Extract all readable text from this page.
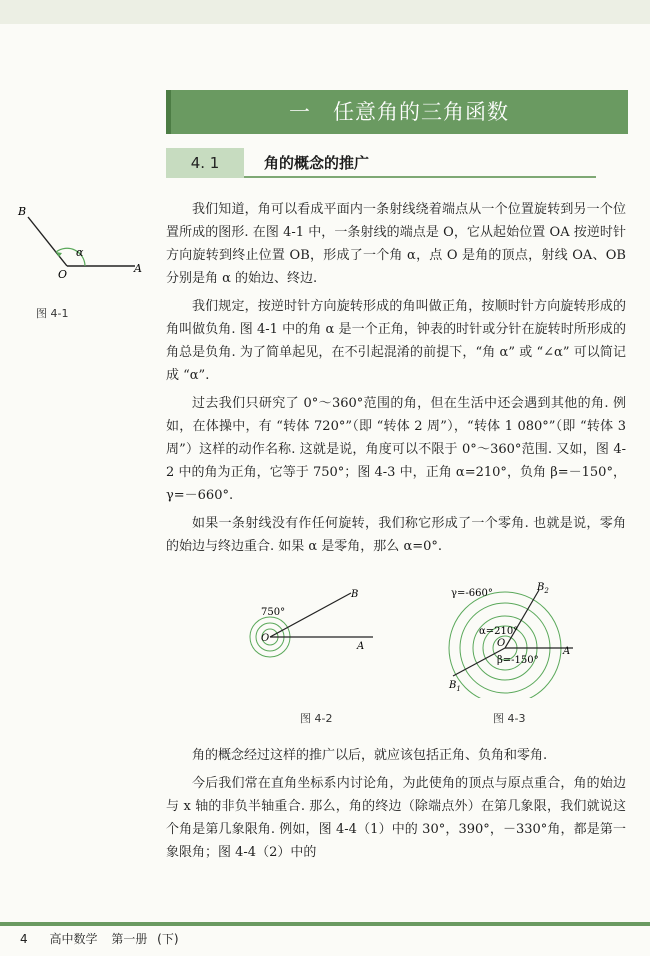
一 任意角的三角函数
4. 1	角的概念的推广
B
O	A
α
图 4-1

我们知道，角可以看成平面内一条射线绕着端点从一个位置旋转到另一个位置所成的图形. 在图 4-1 中，一条射线的端点是 O，它从起始位置 OA 按逆时针方向旋转到终止位置 OB，形成了一个角 α，点 O 是角的顶点，射线 OA、OB 分别是角 α 的始边、终边.

我们规定，按逆时针方向旋转形成的角叫做正角，按顺时针方向旋转形成的角叫做负角. 图 4-1 中的角 α 是一个正角，钟表的时针或分针在旋转时所形成的角总是负角. 为了简单起见，在不引起混淆的前提下，“角 α” 或 “∠α” 可以简记成 “α”.

过去我们只研究了 0°～360°范围的角，但在生活中还会遇到其他的角. 例如，在体操中，有 “转体 720°”（即 “转体 2 周”），“转体 1 080°”（即 “转体 3 周”）这样的动作名称. 这就是说，角度可以不限于 0°～360°范围. 又如，图 4-2 中的角为正角，它等于 750°；图 4-3 中，正角 α=210°，负角 β=－150°，γ=－660°.

如果一条射线没有作任何旋转，我们称它形成了一个零角. 也就是说，零角的始边与终边重合. 如果 α 是零角，那么 α=0°.

750°
O
A
B
图 4-2
γ=-660°
α=210°
β=-150°
O
A
$B_2$
$B_1$
图 4-3

角的概念经过这样的推广以后，就应该包括正角、负角和零角.

今后我们常在直角坐标系内讨论角，为此使角的顶点与原点重合，角的始边与 x 轴的非负半轴重合. 那么，角的终边（除端点外）在第几象限，我们就说这个角是第几象限角. 例如，图 4-4（1）中的 30°，390°，－330°角，都是第一象限角；图 4-4（2）中的

4 高中数学 第一册 (下)
